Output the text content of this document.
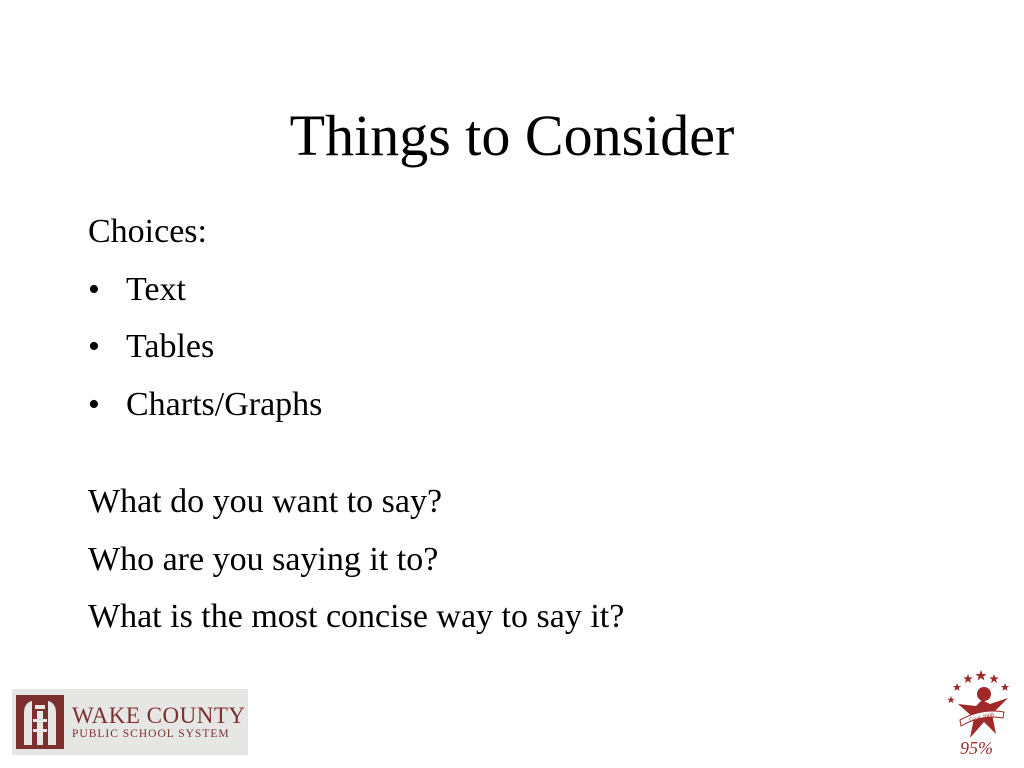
Things to Consider
Choices:
• Text
• Tables
• Charts/Graphs
What do you want to say?
Who are you saying it to?
What is the most concise way to say it?
WAKE COUNTY
PUBLIC SCHOOL SYSTEM
Goal 2008
95%
